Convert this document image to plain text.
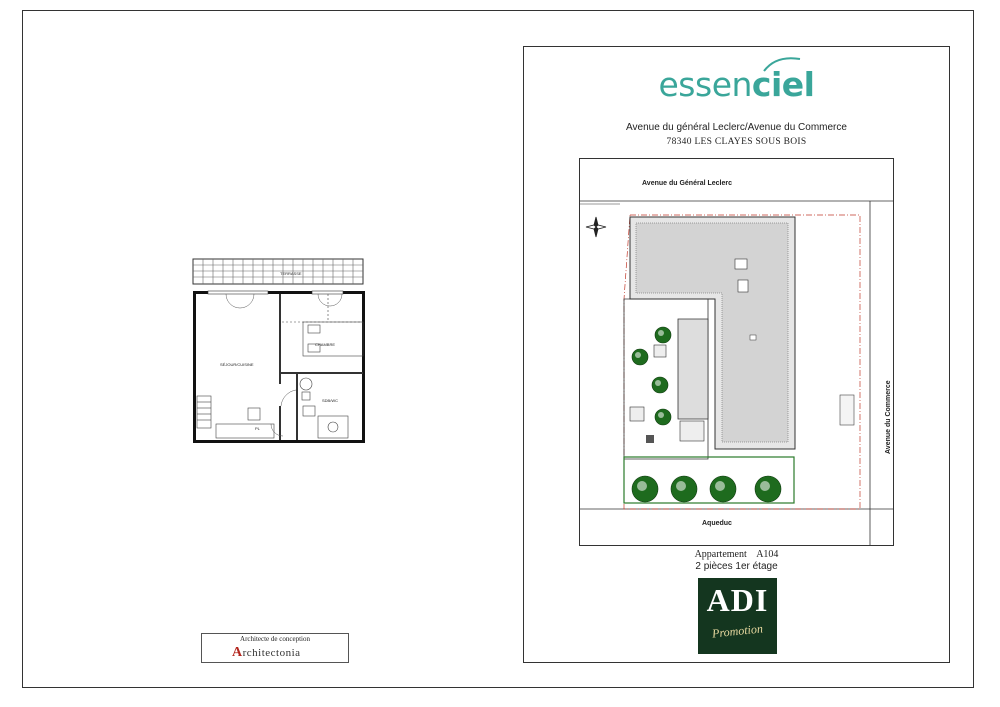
TERRASSE
SÉJOUR/CUISINE
CHAMBRE
SDB/WC
PL
Architecte de conception
Architectonia
essenciel
Avenue du général Leclerc/Avenue du Commerce
78340 LES CLAYES SOUS BOIS
Avenue du Général Leclerc
Aqueduc
Avenue du Commerce
Appartement    A104
2 pièces 1er étage
ADI
Promotion
